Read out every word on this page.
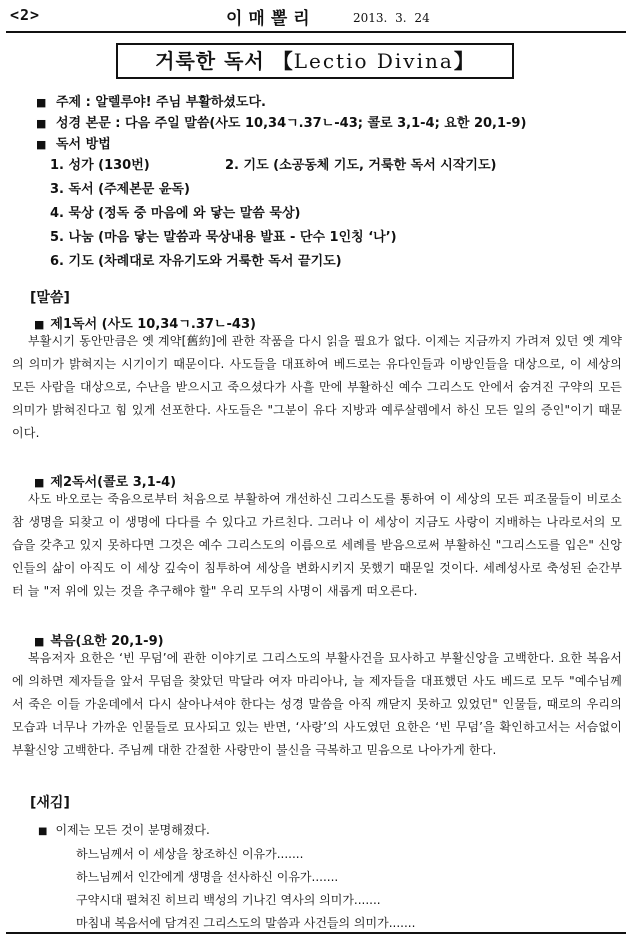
<2>	이매뽈리	2013. 3. 24
거룩한 독서 【Lectio Divina】
■ 주제 : 알렐루야! 주님 부활하셨도다.
■ 성경 본문 : 다음 주일 말씀(사도 10,34ㄱ.37ㄴ-43; 콜로 3,1-4; 요한 20,1-9)
■ 독서 방법
1. 성가 (130번)	2. 기도 (소공동체 기도, 거룩한 독서 시작기도)
3. 독서 (주제본문 윤독)
4. 묵상 (정독 중 마음에 와 닿는 말씀 묵상)
5. 나눔 (마음 닿는 말씀과 묵상내용 발표 - 단수 1인칭 ‘나’)
6. 기도 (차례대로 자유기도와 거룩한 독서 끝기도)
[말씀]
■ 제1독서 (사도 10,34ㄱ.37ㄴ-43)

부활시기 동안만큼은 옛 계약[舊約]에 관한 작품을 다시 읽을 필요가 없다. 이제는 지금까지 가려져 있던 옛 계약의 의미가 밝혀지는 시기이기 때문이다. 사도들을 대표하여 베드로는 유다인들과 이방인들을 대상으로, 이 세상의 모든 사람을 대상으로, 수난을 받으시고 죽으셨다가 사흘 만에 부활하신 예수 그리스도 안에서 숨겨진 구약의 모든 의미가 밝혀진다고 힘 있게 선포한다. 사도들은 "그분이 유다 지방과 예루살렘에서 하신 모든 일의 증인"이기 때문이다.

■ 제2독서(콜로 3,1-4)

사도 바오로는 죽음으로부터 처음으로 부활하여 개선하신 그리스도를 통하여 이 세상의 모든 피조물들이 비로소 참 생명을 되찾고 이 생명에 다다를 수 있다고 가르친다. 그러나 이 세상이 지금도 사랑이 지배하는 나라로서의 모습을 갖추고 있지 못하다면 그것은 예수 그리스도의 이름으로 세례를 받음으로써 부활하신 "그리스도를 입은" 신앙인들의 삶이 아직도 이 세상 깊숙이 침투하여 세상을 변화시키지 못했기 때문일 것이다. 세례성사로 축성된 순간부터 늘 "저 위에 있는 것을 추구해야 할" 우리 모두의 사명이 새롭게 떠오른다.

■ 복음(요한 20,1-9)

복음저자 요한은 ‘빈 무덤’에 관한 이야기로 그리스도의 부활사건을 묘사하고 부활신앙을 고백한다. 요한 복음서에 의하면 제자들을 앞서 무덤을 찾았던 막달라 여자 마리아나, 늘 제자들을 대표했던 사도 베드로 모두 "예수님께서 죽은 이들 가운데에서 다시 살아나셔야 한다는 성경 말씀을 아직 깨닫지 못하고 있었던" 인물들, 때로의 우리의 모습과 너무나 가까운 인물들로 묘사되고 있는 반면, ‘사랑’의 사도였던 요한은 ‘빈 무덤’을 확인하고서는 서슴없이 부활신앙 고백한다. 주님께 대한 간절한 사랑만이 불신을 극복하고 믿음으로 나아가게 한다.

[새김]
■ 이제는 모든 것이 분명해졌다.
하느님께서 이 세상을 창조하신 이유가.......
하느님께서 인간에게 생명을 선사하신 이유가.......
구약시대 펼쳐진 히브리 백성의 기나긴 역사의 의미가.......
마침내 복음서에 담겨진 그리스도의 말씀과 사건들의 의미가.......
